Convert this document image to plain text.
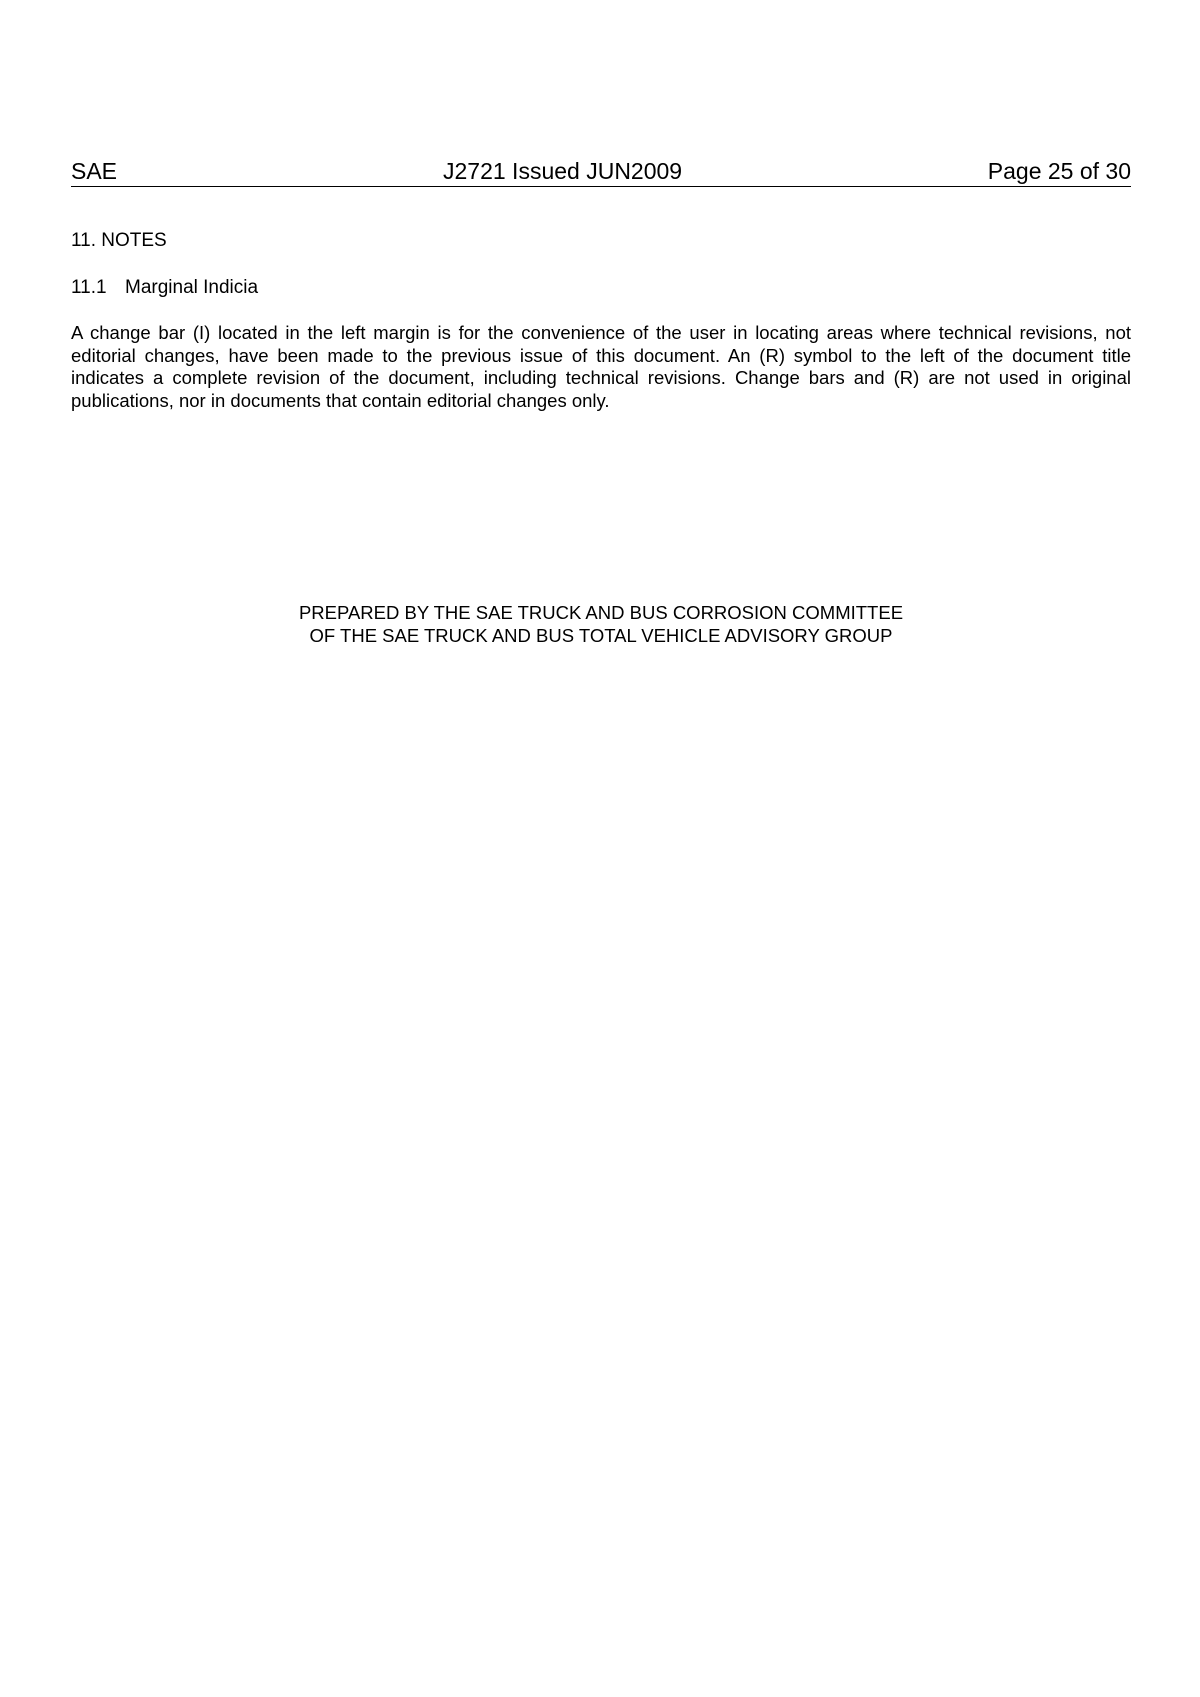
SAE	J2721 Issued JUN2009	Page 25 of 30
11. NOTES
11.1 Marginal Indicia

A change bar (I) located in the left margin is for the convenience of the user in locating areas where technical revisions, not editorial changes, have been made to the previous issue of this document. An (R) symbol to the left of the document title indicates a complete revision of the document, including technical revisions. Change bars and (R) are not used in original publications, nor in documents that contain editorial changes only.

PREPARED BY THE SAE TRUCK AND BUS CORROSION COMMITTEE
OF THE SAE TRUCK AND BUS TOTAL VEHICLE ADVISORY GROUP
